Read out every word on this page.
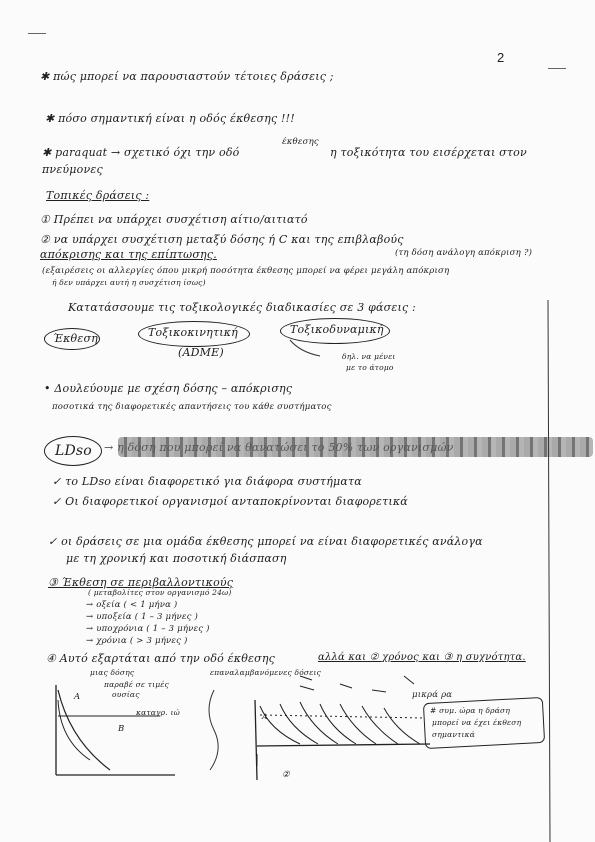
2
✱ πώς μπορεί να παρουσιαστούν τέτοιες δράσεις ;
✱ πόσο σημαντική είναι η οδός έκθεσης !!!
✱ paraquat → σχετικό όχι την οδό
έκθεσης
η τοξικότητα του εισέρχεται στον
πνεύμονες
Τοπικές δράσεις :
① Πρέπει να υπάρχει συσχέτιση αίτιο/αιτιατό
② να υπάρχει συσχέτιση μεταξύ δόσης ή C και της επιβλαβούς
απόκρισης και της επίπτωσης.	(τη δόση ανάλογη απόκριση ?)
(εξαιρέσεις οι αλλεργίες όπου μικρή ποσότητα έκθεσης μπορεί να φέρει μεγάλη απόκριση
ή δεν υπάρχει αυτή η συσχέτιση ίσως)
Κατατάσσουμε τις τοξικολογικές διαδικασίες σε 3 φάσεις :
Έκθεση	Τοξικοκινητική	Τοξικοδυναμική
(ADME)	δηλ. να μένει
με το άτομο
• Δουλεύουμε με σχέση δόσης – απόκρισης
ποσοτικά της διαφορετικές απαντήσεις του κάθε συστήματος
LDso → η δόση που μπορεί να θανατώσει το 50% των οργανισμών
✓ το LDso είναι διαφορετικό για διάφορα συστήματα
✓ Οι διαφορετικοί οργανισμοί ανταποκρίνονται διαφορετικά
✓ οι δράσεις σε μια ομάδα έκθεσης μπορεί να είναι διαφορετικές ανάλογα
με τη χρονική και ποσοτική διάσπαση
③ Έκθεση σε περιβαλλοντικούς
( μεταβολίτες στον οργανισμό 24ω)
→ οξεία ( < 1 μήνα )
→ υποξεία ( 1 – 3 μήνες )
→ υποχρόνια ( 1 – 3 μήνες )
→ χρόνια ( > 3 μήνες )
④ Αυτό εξαρτάται από την οδό έκθεσης	αλλά και ② χρόνος και ③ η συχνότητα.
μιας δόσης	επαναλαμβανόμενες δόσεις
παραβέ σε τιμές
ουσίας
A
καταγρ. ιώ
B
μικρά ρα
# συμ. ώρα η δράση
μπορεί να έχει έκθεση
σημαντικά
A
②
